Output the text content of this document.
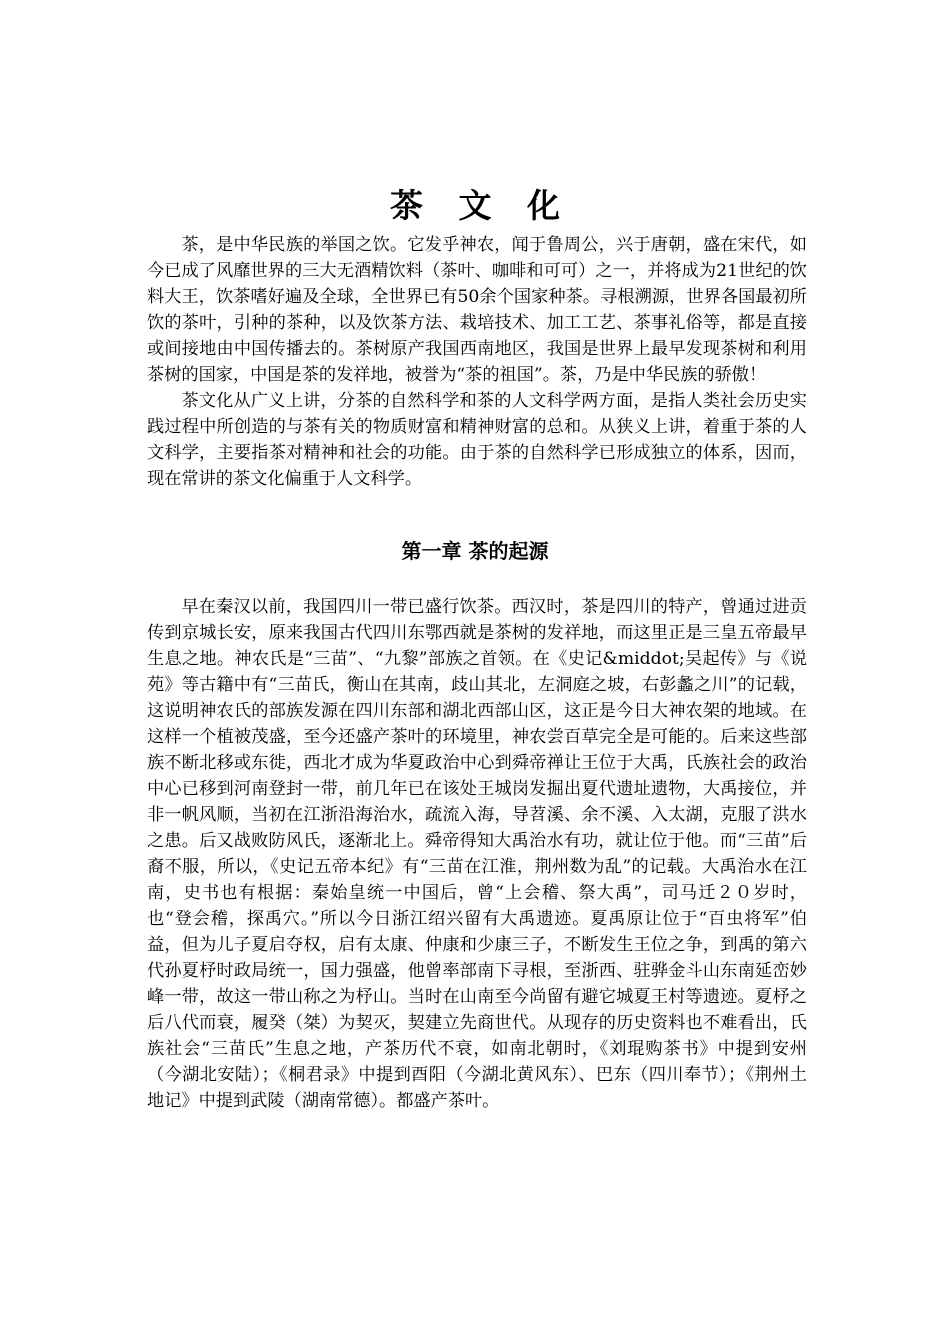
茶 文 化

茶，是中华民族的举国之饮。它发乎神农，闻于鲁周公，兴于唐朝，盛在宋代，如今已成了风靡世界的三大无酒精饮料（茶叶、咖啡和可可）之一，并将成为21世纪的饮料大王，饮茶嗜好遍及全球，全世界已有50余个国家种茶。寻根溯源，世界各国最初所饮的茶叶，引种的茶种，以及饮茶方法、栽培技术、加工工艺、茶事礼俗等，都是直接或间接地由中国传播去的。茶树原产我国西南地区，我国是世界上最早发现茶树和利用茶树的国家，中国是茶的发祥地，被誉为“茶的祖国”。茶，乃是中华民族的骄傲！

茶文化从广义上讲，分茶的自然科学和茶的人文科学两方面，是指人类社会历史实践过程中所创造的与茶有关的物质财富和精神财富的总和。从狭义上讲，着重于茶的人文科学，主要指茶对精神和社会的功能。由于茶的自然科学已形成独立的体系，因而，现在常讲的茶文化偏重于人文科学。

第一章 茶的起源

早在秦汉以前，我国四川一带已盛行饮茶。西汉时，茶是四川的特产，曾通过进贡传到京城长安，原来我国古代四川东鄂西就是茶树的发祥地，而这里正是三皇五帝最早生息之地。神农氏是“三苗”、“九黎”部族之首领。在《史记&middot;吴起传》与《说苑》等古籍中有“三苗氏，衡山在其南，歧山其北，左洞庭之坡，右彭蠡之川”的记载，这说明神农氏的部族发源在四川东部和湖北西部山区，这正是今日大神农架的地域。在这样一个植被茂盛，至今还盛产茶叶的环境里，神农尝百草完全是可能的。后来这些部族不断北移或东徙，西北才成为华夏政治中心到舜帝禅让王位于大禹，氏族社会的政治中心已移到河南登封一带，前几年已在该处王城岗发掘出夏代遗址遗物，大禹接位，并非一帆风顺，当初在江浙沿海治水，疏流入海，导苕溪、余不溪、入太湖，克服了洪水之患。后又战败防风氏，逐渐北上。舜帝得知大禹治水有功，就让位于他。而“三苗”后裔不服，所以，《史记五帝本纪》有“三苗在江淮，荆州数为乱”的记载。大禹治水在江南，史书也有根据：秦始皇统一中国后，曾“上会稽、祭大禹”，司马迁２０岁时，也“登会稽，探禹穴。”所以今日浙江绍兴留有大禹遗迹。夏禹原让位于“百虫将军”伯益，但为儿子夏启夺权，启有太康、仲康和少康三子，不断发生王位之争，到禹的第六代孙夏杼时政局统一，国力强盛，他曾率部南下寻根，至浙西、驻骅金斗山东南延峦妙峰一带，故这一带山称之为杼山。当时在山南至今尚留有避它城夏王村等遗迹。夏杼之后八代而衰，履癸（桀）为契灭，契建立先商世代。从现存的历史资料也不难看出，氏族社会“三苗氏”生息之地，产茶历代不衰，如南北朝时，《刘琨购茶书》中提到安州（今湖北安陆）；《桐君录》中提到酉阳（今湖北黄风东）、巴东（四川奉节）；《荆州土地记》中提到武陵（湖南常德）。都盛产茶叶。
